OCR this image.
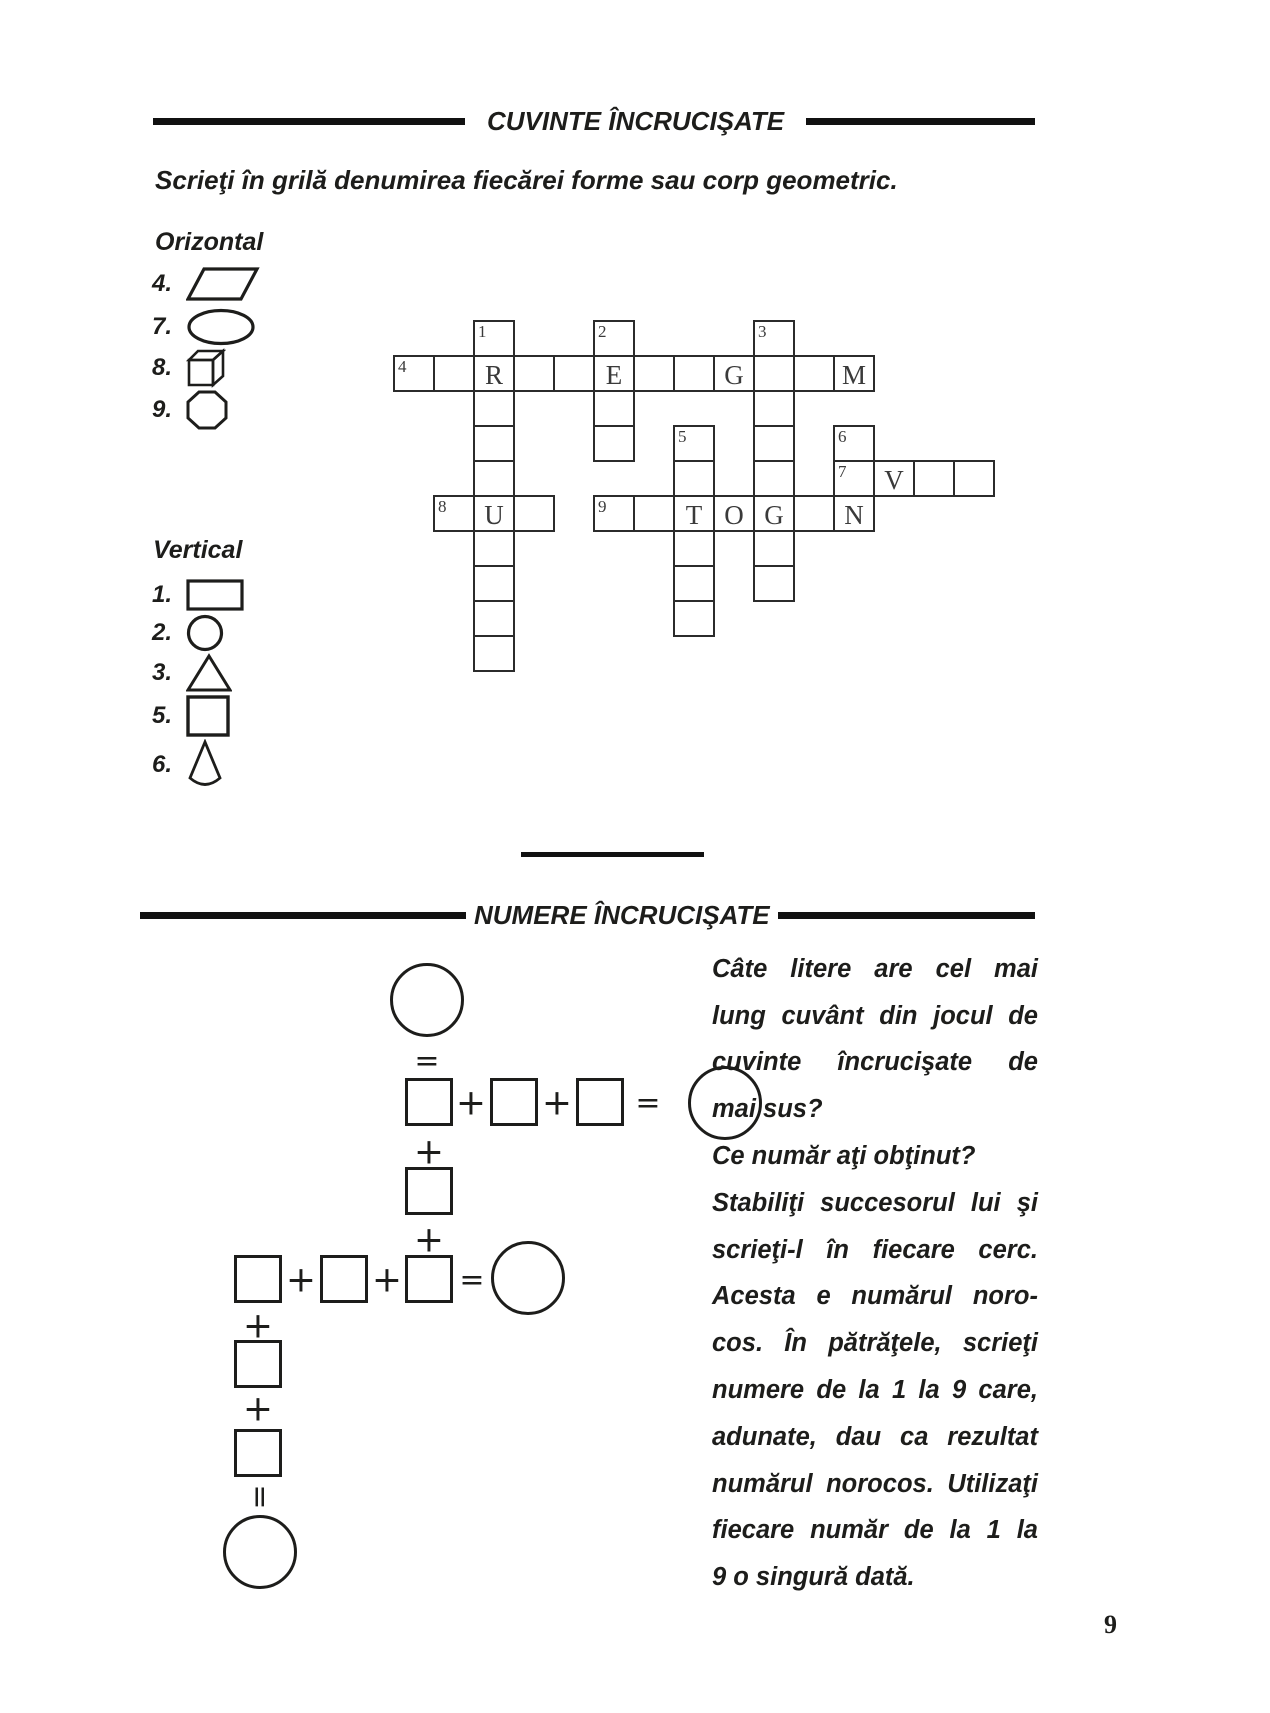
CUVINTE ÎNCRUCIŞATE
Scrieţi în grilă denumirea fiecărei forme sau corp geometric.
Orizontal
4.
7.
8.
9.
Vertical
1.
2.
3.
5.
6.
1	2	3
4	R	E	G	M
5	6
7	V
8	U	9	T O G	N
NUMERE ÎNCRUCIŞATE
=
+ + =
+
+
+ + =
+
+
=
Câte litere are cel mai
lung cuvânt din jocul de
cuvinte încrucişate de
mai sus?
Ce număr aţi obţinut?
Stabiliţi succesorul lui şi
scrieţi-l în fiecare cerc.
Acesta e numărul noro-
cos. În pătrăţele, scrieţi
numere de la 1 la 9 care,
adunate, dau ca rezultat
numărul norocos. Utilizaţi
fiecare număr de la 1 la
9 o singură dată.
9
